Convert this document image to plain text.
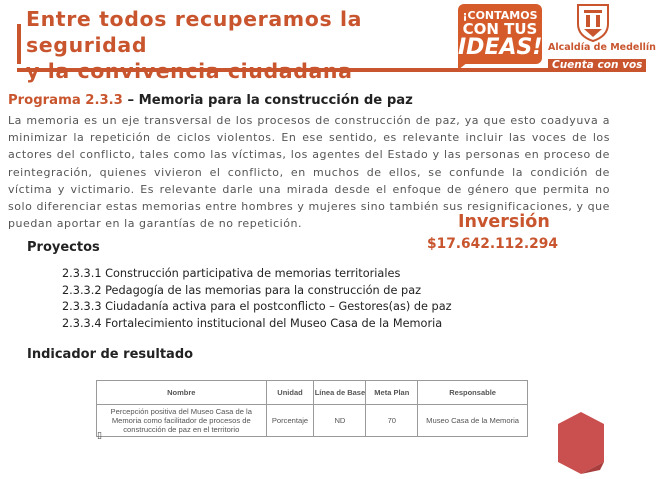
Entre todos recuperamos la seguridad
¡CONTAMOS
CON TUS
IDEAS! Alcaldía de Medellín
Cuenta con vos
Programa 2.3.3 – Memoria para la construcción de paz

La memoria es un eje transversal de los procesos de construcción de paz, ya que esto coadyuva a minimizar la repetición de ciclos violentos. En ese sentido, es relevante incluir las voces de los actores del conflicto, tales como las víctimas, los agentes del Estado y las personas en proceso de reintegración, quienes vivieron el conflicto, en muchos de ellos, se confunde la condición de víctima y victimario. Es relevante darle una mirada desde el enfoque de género que permita no solo diferenciar estas memorias entre hombres y mujeres sino también sus resignificaciones, y que puedan aportar en la garantías de no repetición.	Inversión
$17.642.112.294
Proyectos
2.3.3.1 Construcción participativa de memorias territoriales
2.3.3.2 Pedagogía de las memorias para la construcción de paz
2.3.3.3 Ciudadanía activa para el postconflicto – Gestores(as) de paz
2.3.3.4 Fortalecimiento institucional del Museo Casa de la Memoria
Indicador de resultado
Nombre	Unidad	Línea de Base	Meta Plan	Responsable
Percepción positiva del Museo Casa de la Memoria como facilitador de procesos de construcción de paz en el territorio	Porcentaje	ND	70	Museo Casa de la Memoria
▯
